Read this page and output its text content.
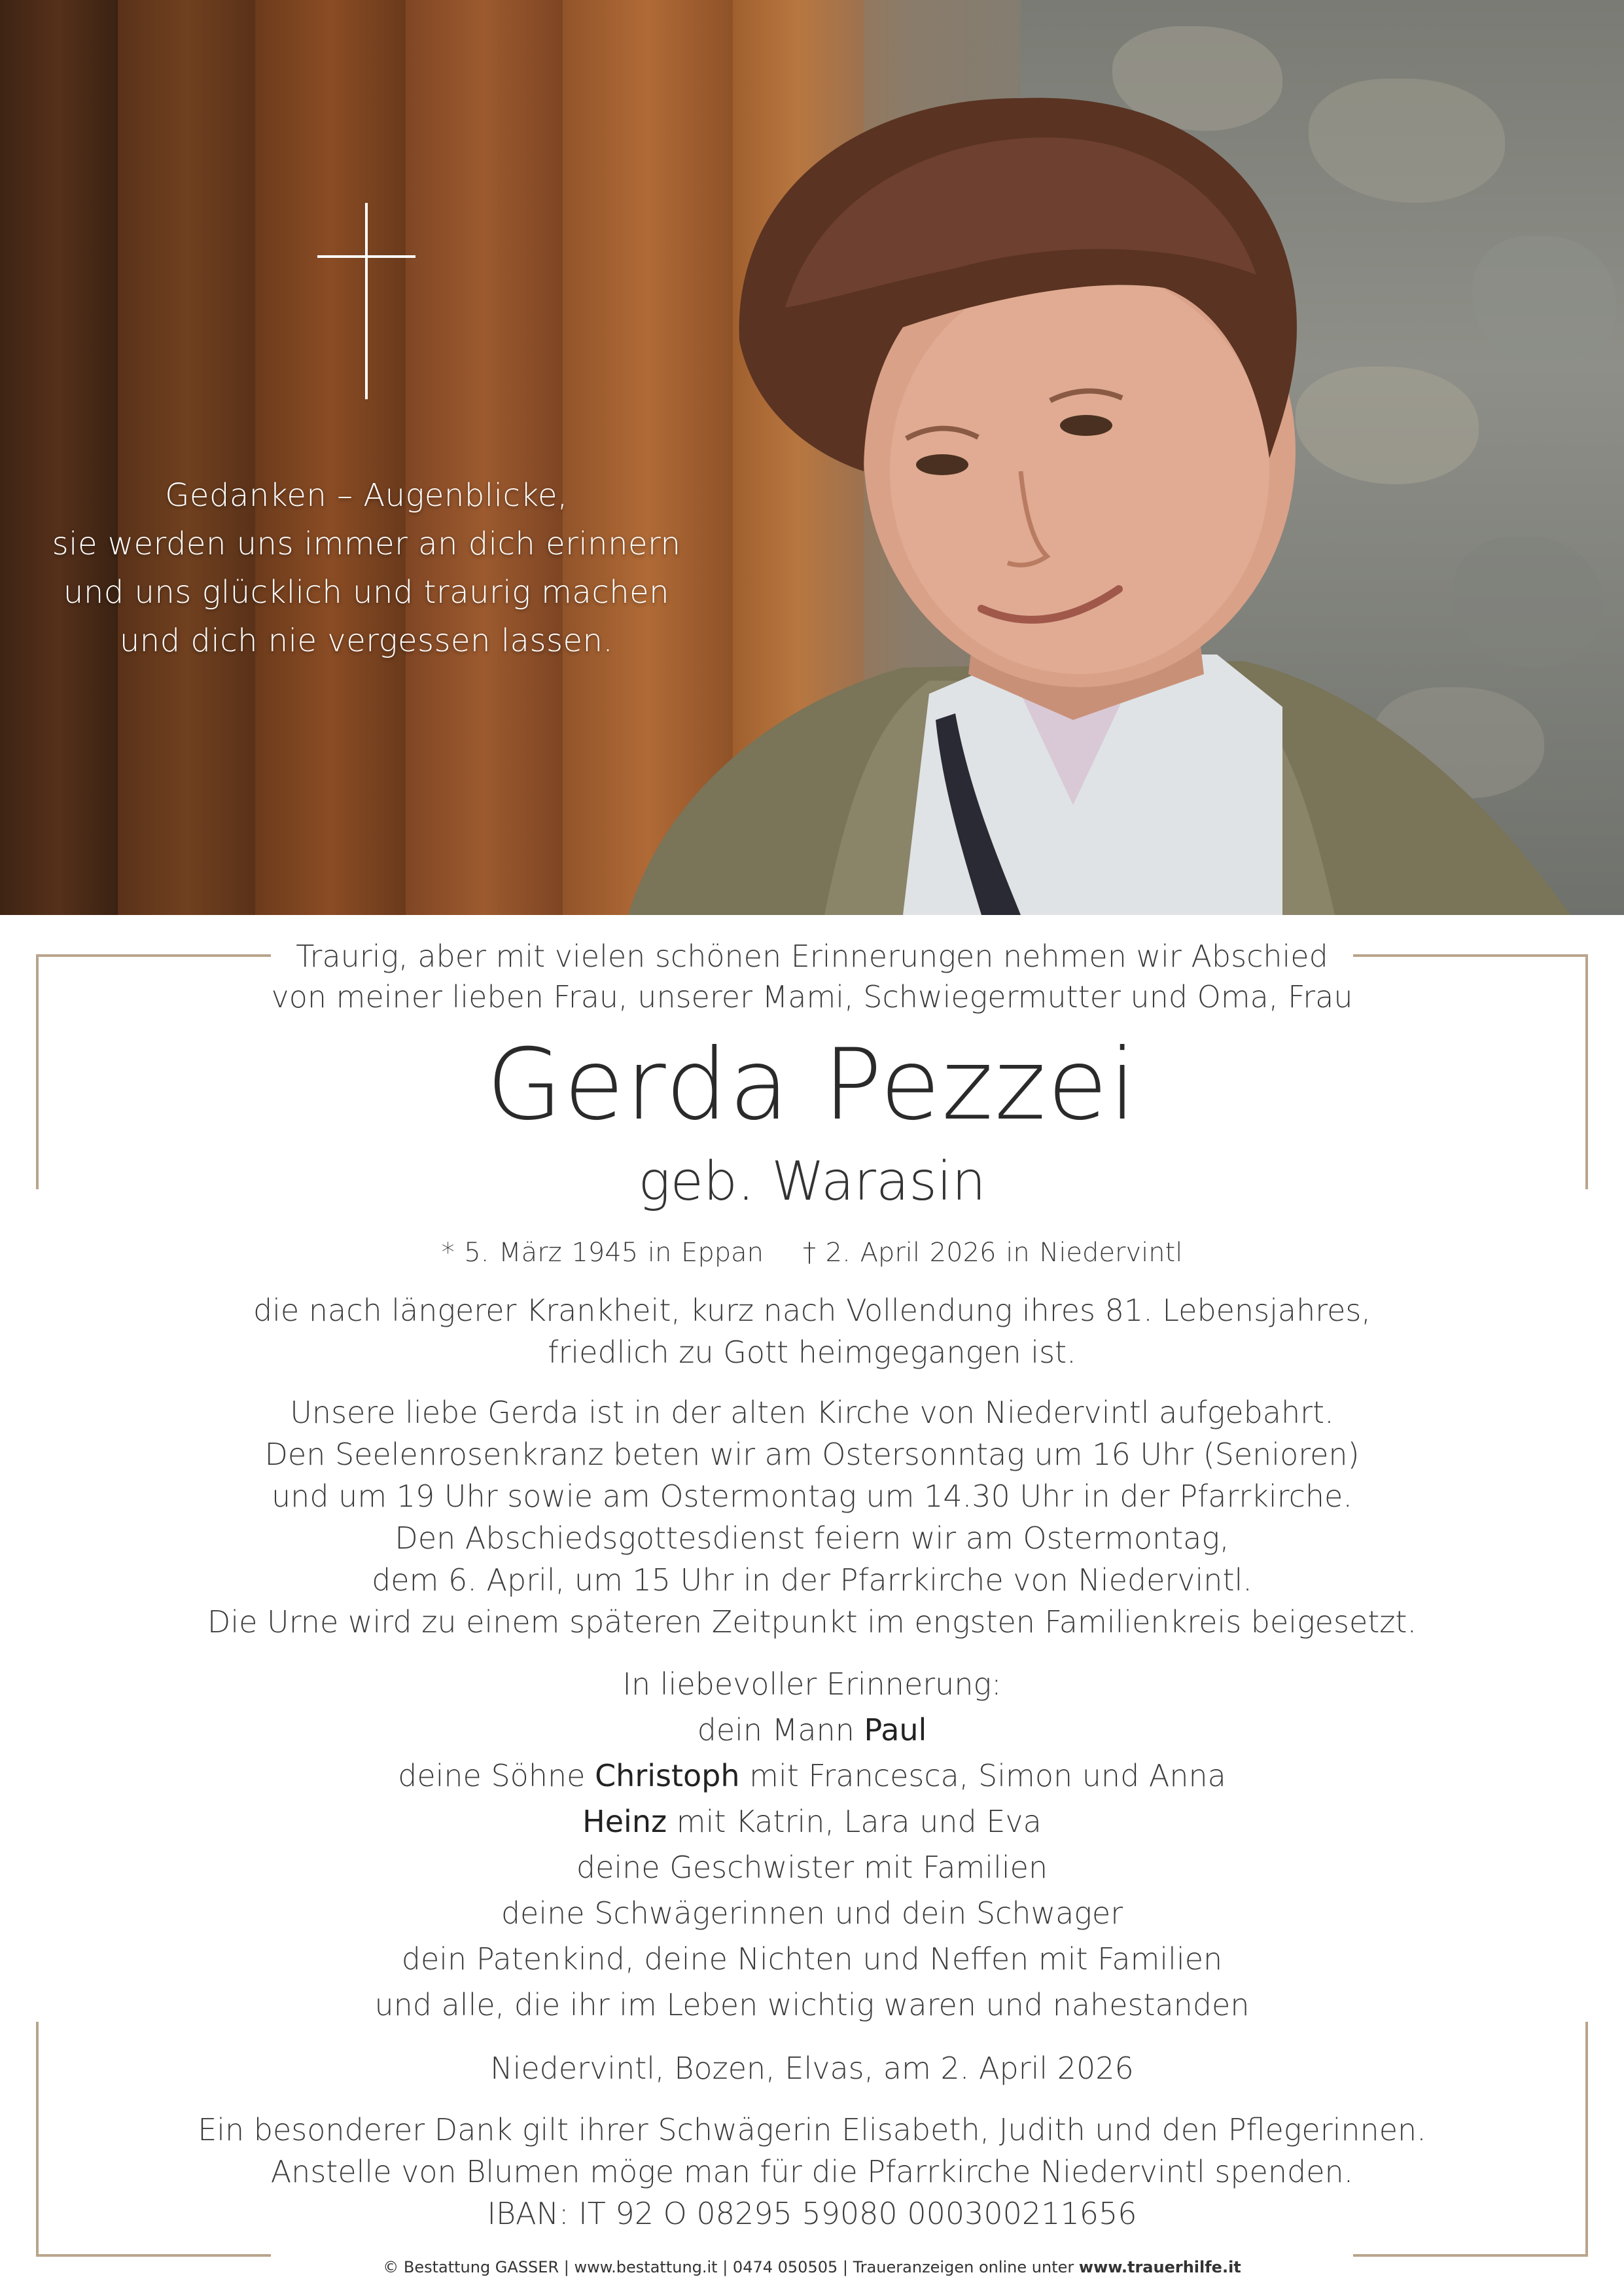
Gedanken – Augenblicke,
sie werden uns immer an dich erinnern
und uns glücklich und traurig machen
und dich nie vergessen lassen.

Traurig, aber mit vielen schönen Erinnerungen nehmen wir Abschied
von meiner lieben Frau, unserer Mami, Schwiegermutter und Oma, Frau

Gerda Pezzei

geb. Warasin

* 5. März 1945 in Eppan † 2. April 2026 in Niedervintl

die nach längerer Krankheit, kurz nach Vollendung ihres 81. Lebensjahres,
friedlich zu Gott heimgegangen ist.

Unsere liebe Gerda ist in der alten Kirche von Niedervintl aufgebahrt.
Den Seelenrosenkranz beten wir am Ostersonntag um 16 Uhr (Senioren)
und um 19 Uhr sowie am Ostermontag um 14.30 Uhr in der Pfarrkirche.
Den Abschiedsgottesdienst feiern wir am Ostermontag,
dem 6. April, um 15 Uhr in der Pfarrkirche von Niedervintl.
Die Urne wird zu einem späteren Zeitpunkt im engsten Familienkreis beigesetzt.

In liebevoller Erinnerung:
dein Mann Paul
deine Söhne Christoph mit Francesca, Simon und Anna
Heinz mit Katrin, Lara und Eva
deine Geschwister mit Familien
deine Schwägerinnen und dein Schwager
dein Patenkind, deine Nichten und Neffen mit Familien
und alle, die ihr im Leben wichtig waren und nahestanden

Niedervintl, Bozen, Elvas, am 2. April 2026

Ein besonderer Dank gilt ihrer Schwägerin Elisabeth, Judith und den Pflegerinnen.
Anstelle von Blumen möge man für die Pfarrkirche Niedervintl spenden.
IBAN: IT 92 O 08295 59080 000300211656

© Bestattung GASSER | www.bestattung.it | 0474 050505 | Traueranzeigen online unter www.trauerhilfe.it
